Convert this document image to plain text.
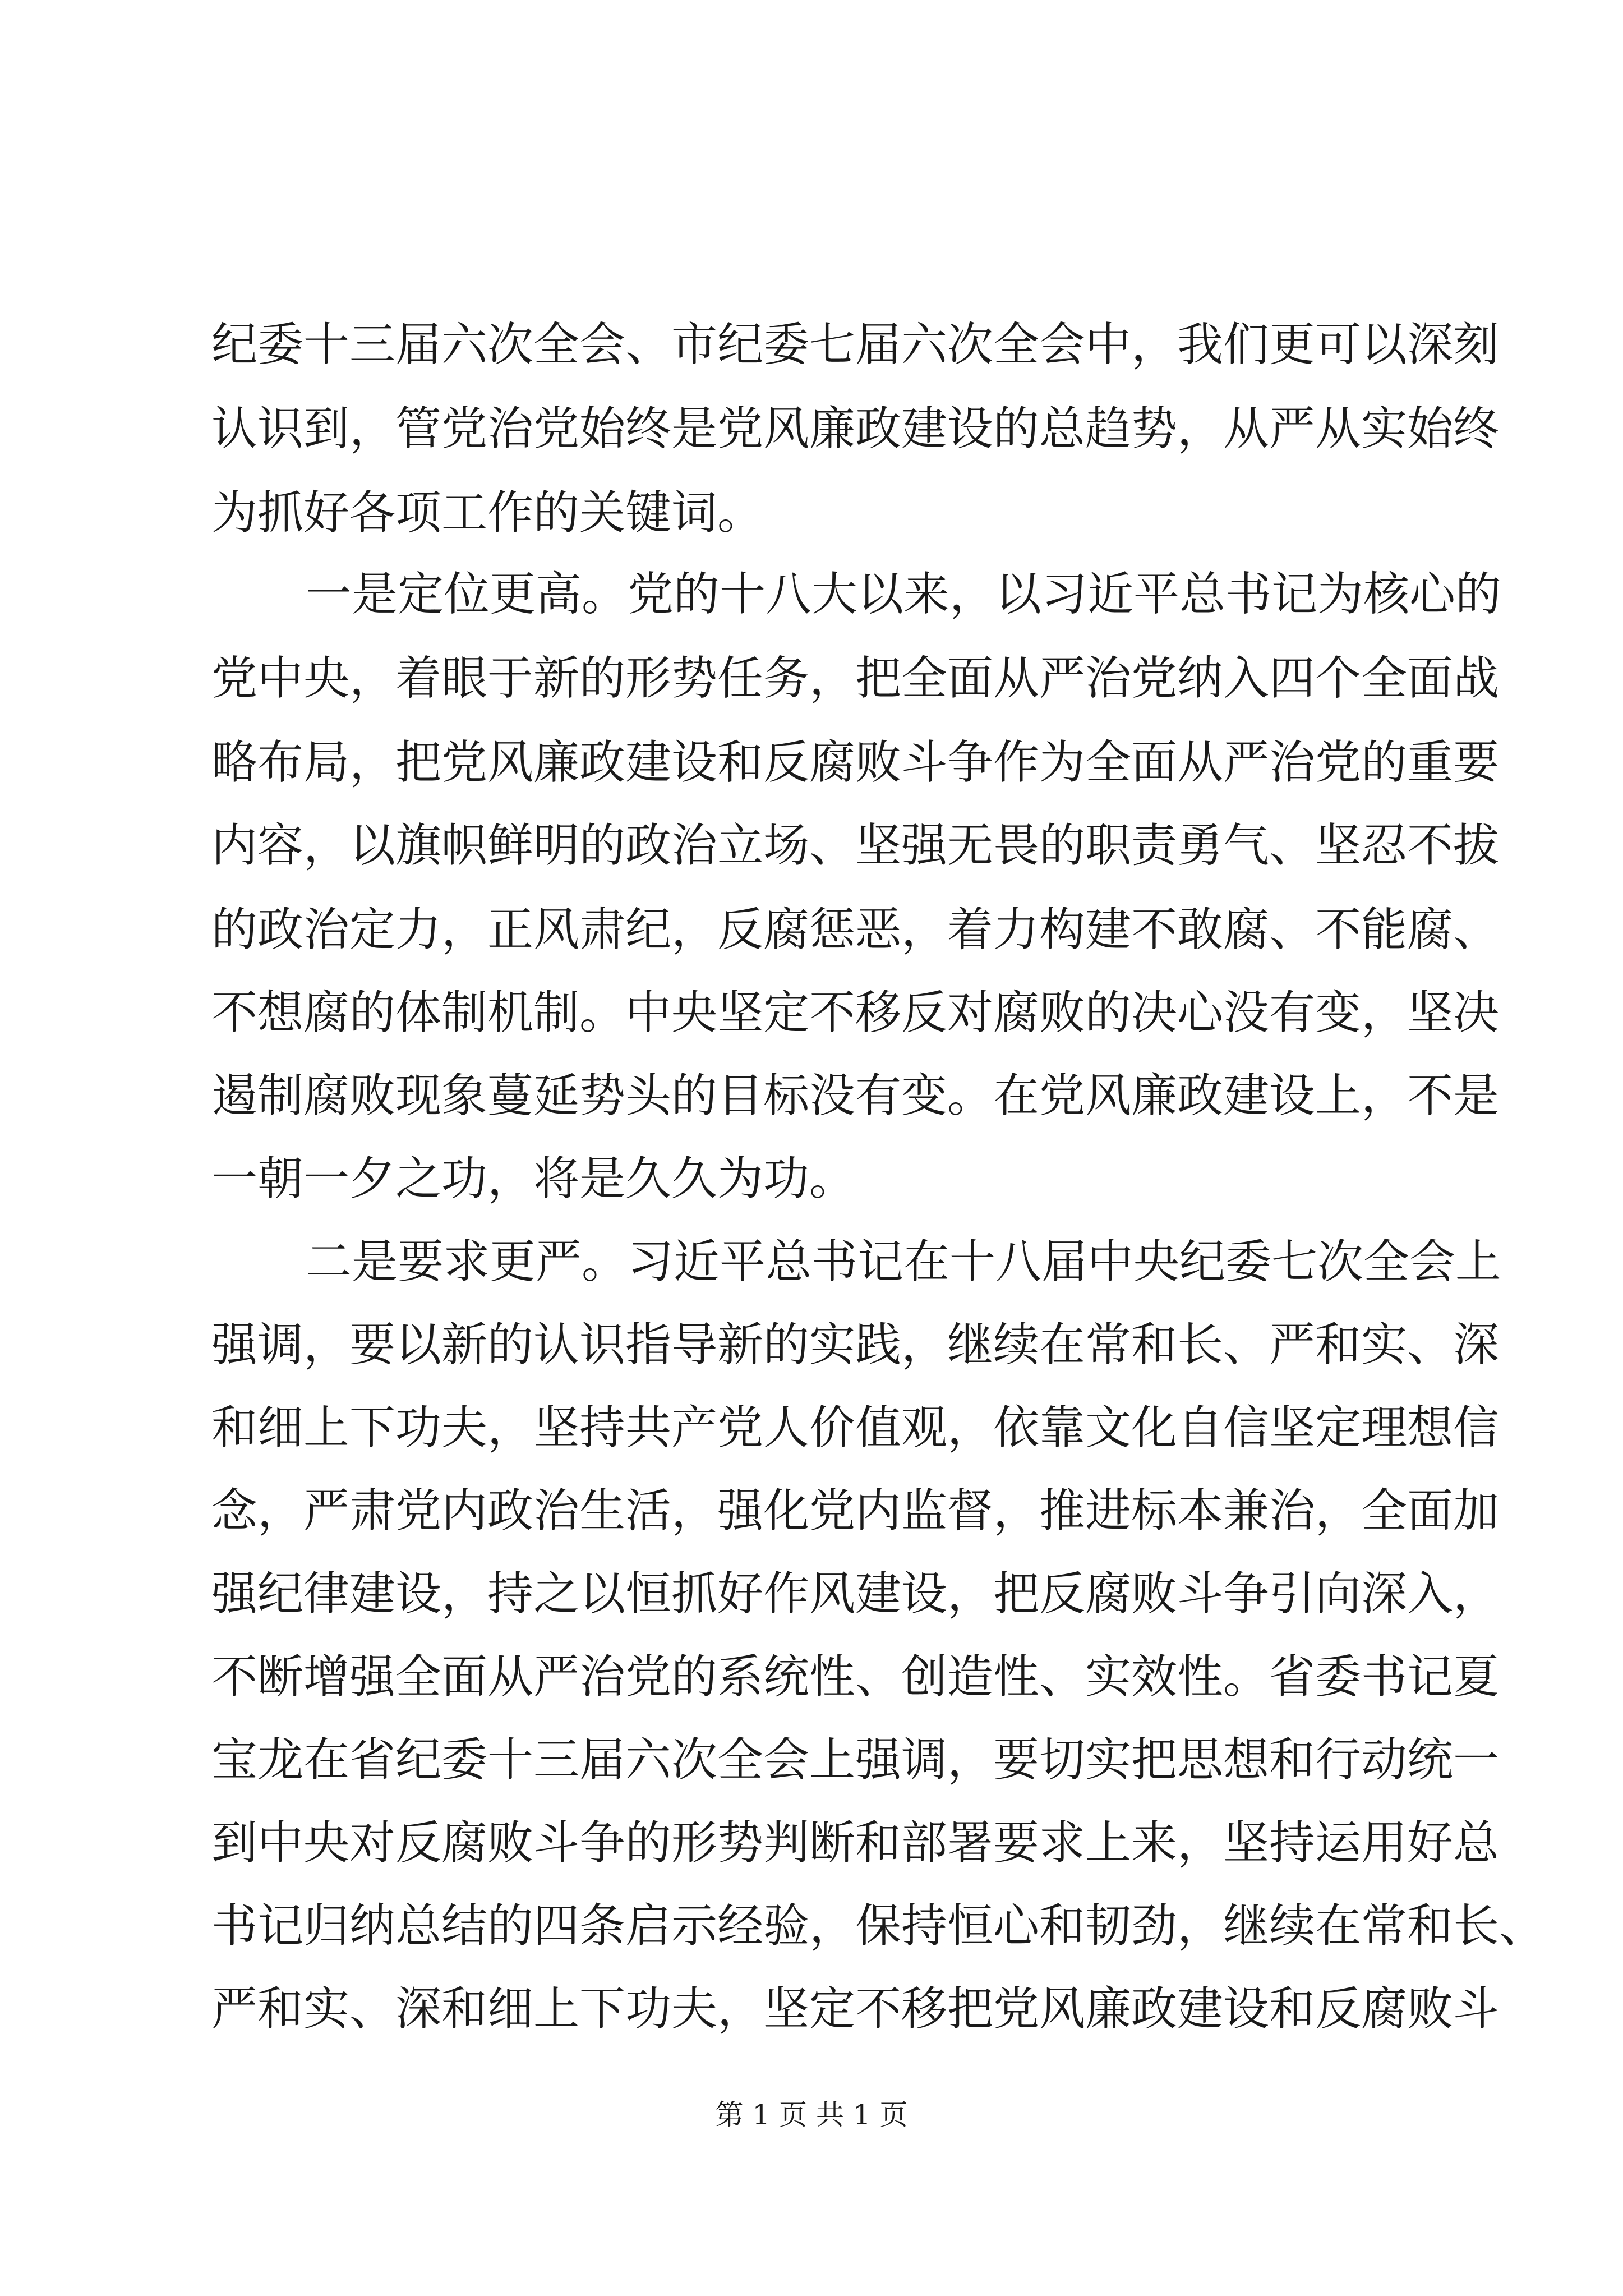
纪委十三届六次全会、市纪委七届六次全会中，我们更可以深刻
认识到，管党治党始终是党风廉政建设的总趋势，从严从实始终
为抓好各项工作的关键词。
一是定位更高。党的十八大以来，以习近平总书记为核心的
党中央，着眼于新的形势任务，把全面从严治党纳入四个全面战
略布局，把党风廉政建设和反腐败斗争作为全面从严治党的重要
内容，以旗帜鲜明的政治立场、坚强无畏的职责勇气、坚忍不拔
的政治定力，正风肃纪，反腐惩恶，着力构建不敢腐、不能腐、
不想腐的体制机制。中央坚定不移反对腐败的决心没有变，坚决
遏制腐败现象蔓延势头的目标没有变。在党风廉政建设上，不是
一朝一夕之功，将是久久为功。
二是要求更严。习近平总书记在十八届中央纪委七次全会上
强调，要以新的认识指导新的实践，继续在常和长、严和实、深
和细上下功夫，坚持共产党人价值观，依靠文化自信坚定理想信
念，严肃党内政治生活，强化党内监督，推进标本兼治，全面加
强纪律建设，持之以恒抓好作风建设，把反腐败斗争引向深入，
不断增强全面从严治党的系统性、创造性、实效性。省委书记夏
宝龙在省纪委十三届六次全会上强调，要切实把思想和行动统一
到中央对反腐败斗争的形势判断和部署要求上来，坚持运用好总
书记归纳总结的四条启示经验，保持恒心和韧劲，继续在常和长、
严和实、深和细上下功夫，坚定不移把党风廉政建设和反腐败斗
第 1 页 共 1 页
